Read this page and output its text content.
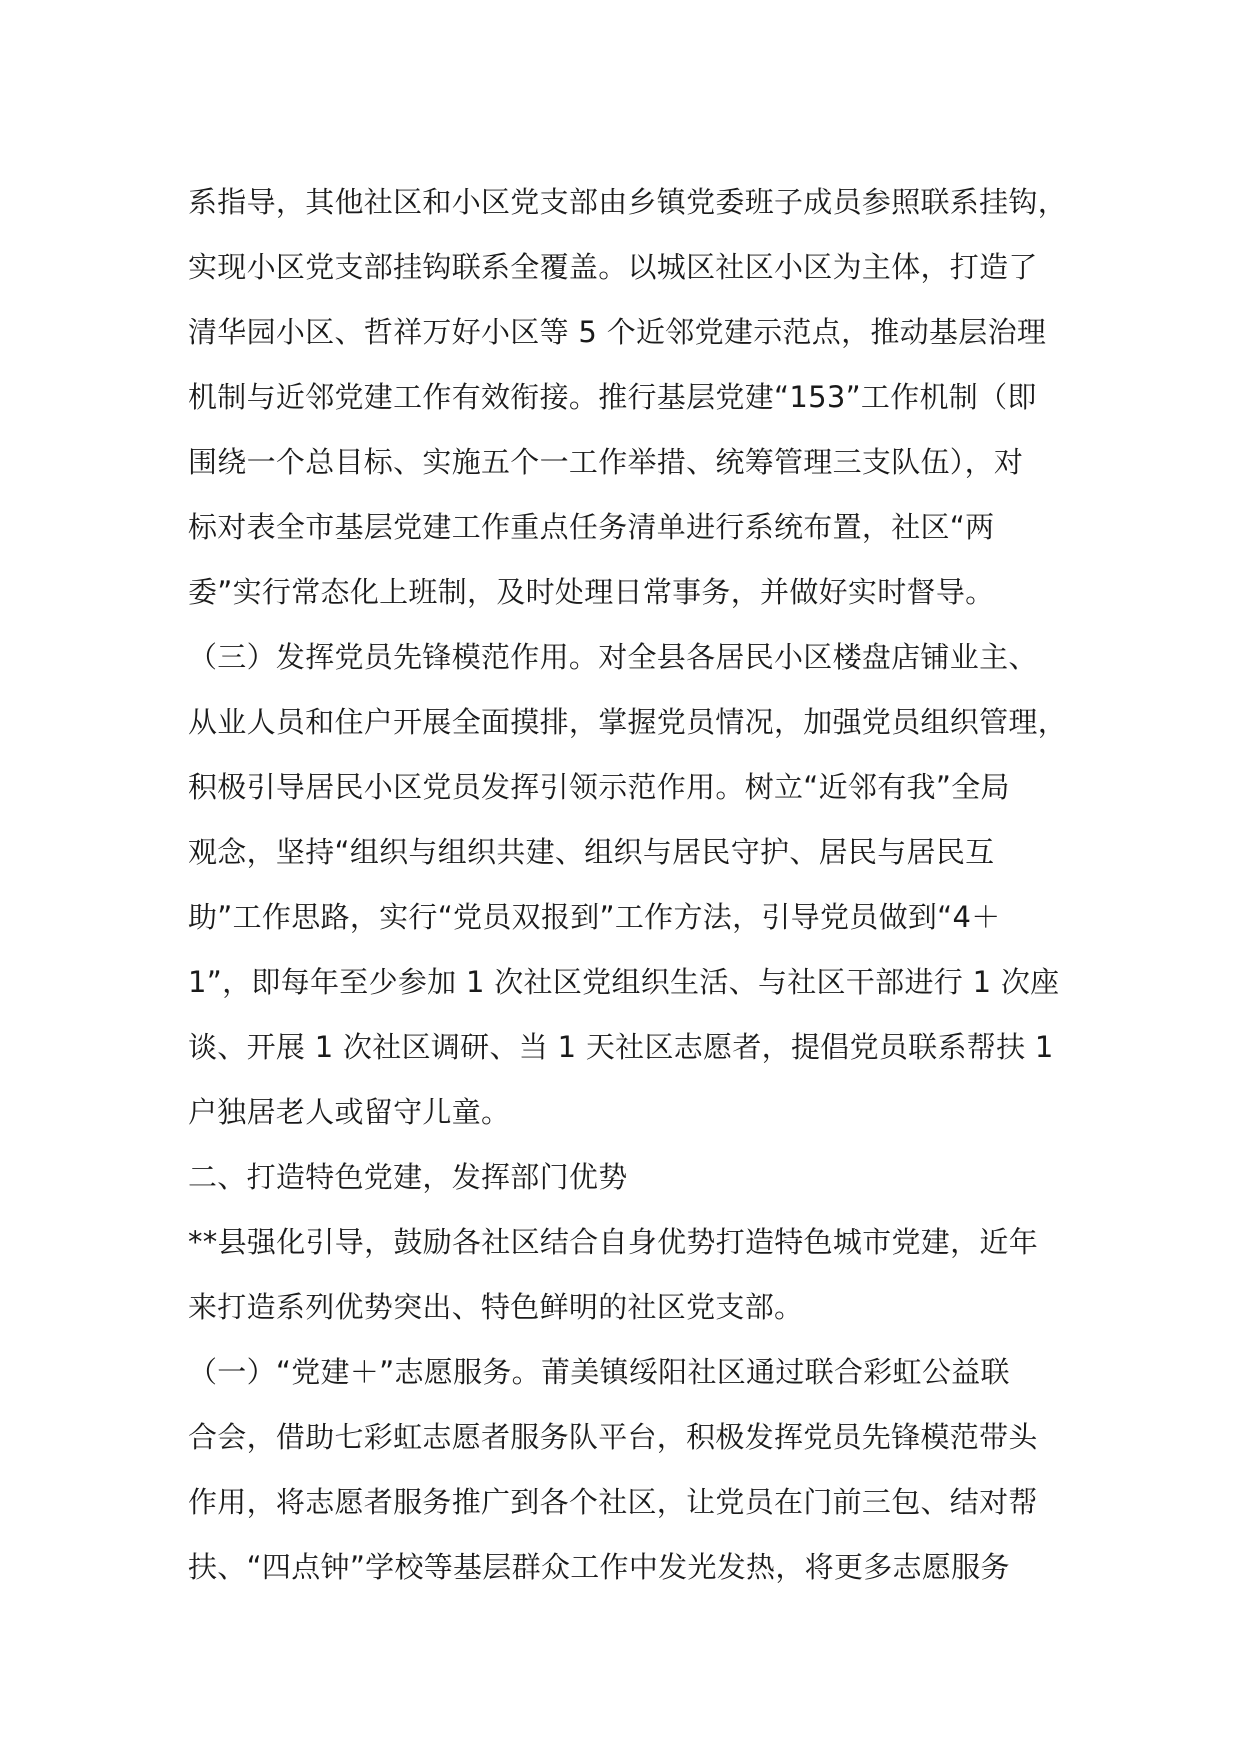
系指导，其他社区和小区党支部由乡镇党委班子成员参照联系挂钩，
实现小区党支部挂钩联系全覆盖。以城区社区小区为主体，打造了
清华园小区、哲祥万好小区等 5 个近邻党建示范点，推动基层治理
机制与近邻党建工作有效衔接。推行基层党建“153”工作机制（即
围绕一个总目标、实施五个一工作举措、统筹管理三支队伍），对
标对表全市基层党建工作重点任务清单进行系统布置，社区“两
委”实行常态化上班制，及时处理日常事务，并做好实时督导。
（三）发挥党员先锋模范作用。对全县各居民小区楼盘店铺业主、
从业人员和住户开展全面摸排，掌握党员情况，加强党员组织管理，
积极引导居民小区党员发挥引领示范作用。树立“近邻有我”全局
观念，坚持“组织与组织共建、组织与居民守护、居民与居民互
助”工作思路，实行“党员双报到”工作方法，引导党员做到“4＋
1”，即每年至少参加 1 次社区党组织生活、与社区干部进行 1 次座
谈、开展 1 次社区调研、当 1 天社区志愿者，提倡党员联系帮扶 1
户独居老人或留守儿童。
二、打造特色党建，发挥部门优势
**县强化引导，鼓励各社区结合自身优势打造特色城市党建，近年
来打造系列优势突出、特色鲜明的社区党支部。
（一）“党建＋”志愿服务。莆美镇绥阳社区通过联合彩虹公益联
合会，借助七彩虹志愿者服务队平台，积极发挥党员先锋模范带头
作用，将志愿者服务推广到各个社区，让党员在门前三包、结对帮
扶、“四点钟”学校等基层群众工作中发光发热，将更多志愿服务
